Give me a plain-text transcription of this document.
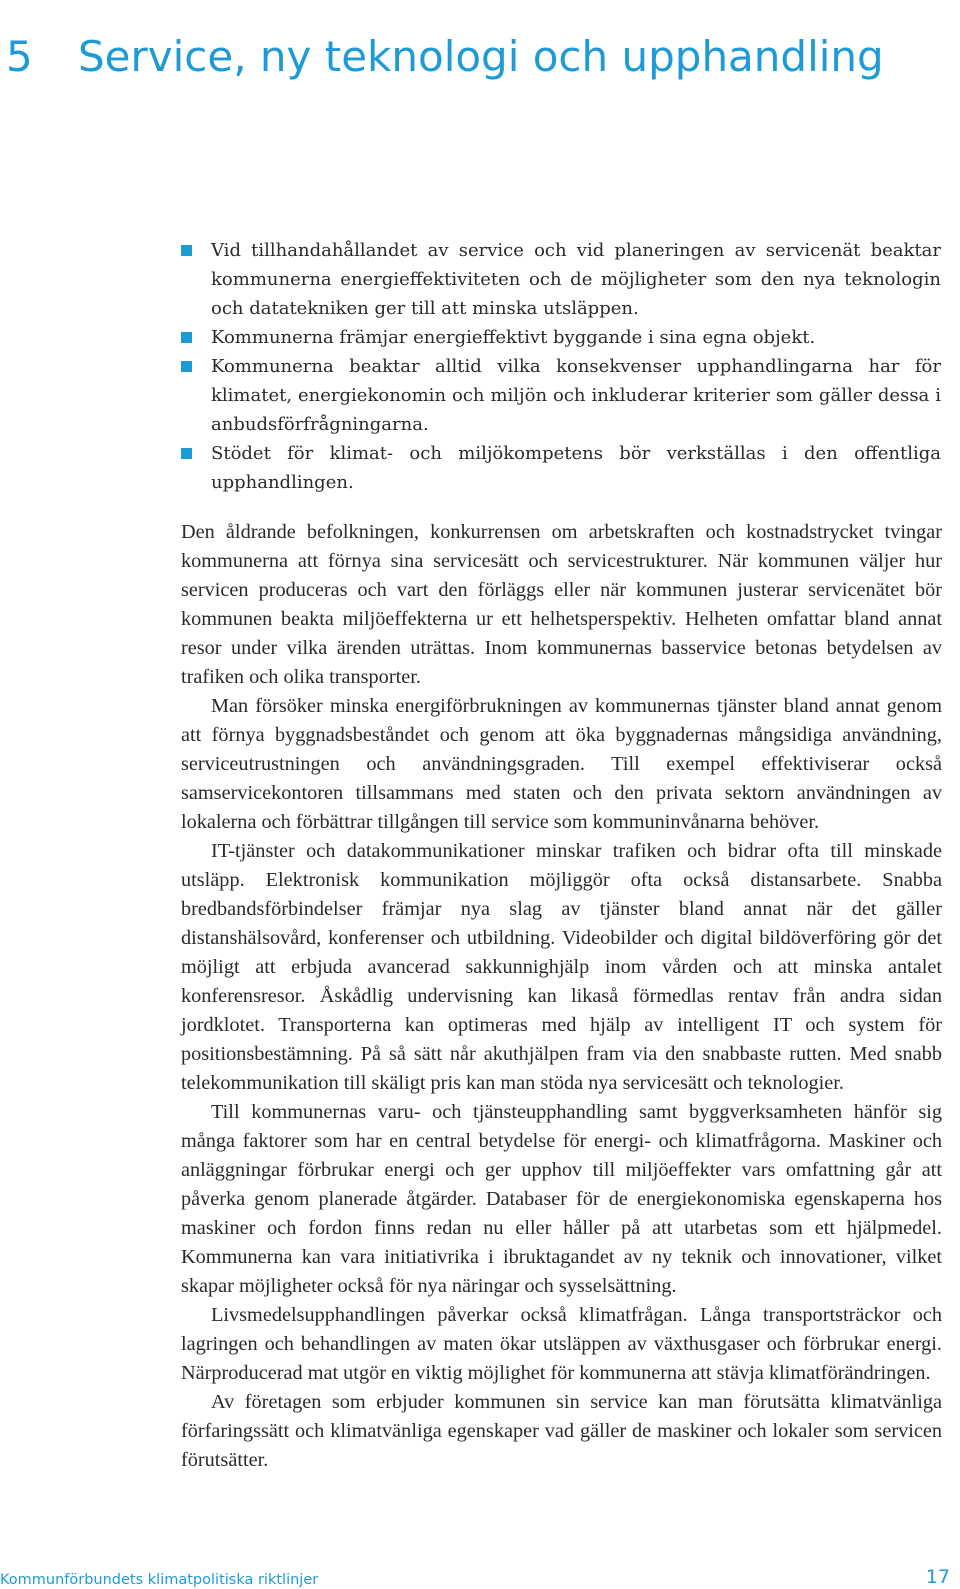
5 Service, ny teknologi och upphandling
Vid tillhandahållandet av service och vid planeringen av servicenät beaktar kommunerna energieffektiviteten och de möjligheter som den nya teknologin och datatekniken ger till att minska utsläppen.
Kommunerna främjar energieffektivt byggande i sina egna objekt.
Kommunerna beaktar alltid vilka konsekvenser upphandlingarna har för klimatet, energiekonomin och miljön och inkluderar kriterier som gäller dessa i anbudsförfrågningarna.
Stödet för klimat- och miljökompetens bör verkställas i den offentliga upphandlingen.

Den åldrande befolkningen, konkurrensen om arbetskraften och kostnadstrycket tvingar kommunerna att förnya sina servicesätt och servicestrukturer. När kommunen väljer hur servicen produceras och vart den förläggs eller när kommunen justerar servicenätet bör kommunen beakta miljöeffekterna ur ett helhetsperspektiv. Helheten omfattar bland annat resor under vilka ärenden uträttas. Inom kommunernas basservice betonas betydelsen av trafiken och olika transporter.

Man försöker minska energiförbrukningen av kommunernas tjänster bland annat genom att förnya byggnadsbeståndet och genom att öka byggnadernas mångsidiga användning, serviceutrustningen och användningsgraden. Till exempel effektiviserar också samservicekontoren tillsammans med staten och den privata sektorn användningen av lokalerna och förbättrar tillgången till service som kommuninvånarna behöver.

IT-tjänster och datakommunikationer minskar trafiken och bidrar ofta till minskade utsläpp. Elektronisk kommunikation möjliggör ofta också distansarbete. Snabba bredbandsförbindelser främjar nya slag av tjänster bland annat när det gäller distanshälsovård, konferenser och utbildning. Videobilder och digital bildöverföring gör det möjligt att erbjuda avancerad sakkunnighjälp inom vården och att minska antalet konferensresor. Åskådlig undervisning kan likaså förmedlas rentav från andra sidan jordklotet. Transporterna kan optimeras med hjälp av intelligent IT och system för positionsbestämning. På så sätt når akuthjälpen fram via den snabbaste rutten. Med snabb telekommunikation till skäligt pris kan man stöda nya servicesätt och teknologier.

Till kommunernas varu- och tjänsteupphandling samt byggverksamheten hänför sig många faktorer som har en central betydelse för energi- och klimatfrågorna. Maskiner och anläggningar förbrukar energi och ger upphov till miljöeffekter vars omfattning går att påverka genom planerade åtgärder. Databaser för de energiekonomiska egenskaperna hos maskiner och fordon finns redan nu eller håller på att utarbetas som ett hjälpmedel. Kommunerna kan vara initiativrika i ibruktagandet av ny teknik och innovationer, vilket skapar möjligheter också för nya näringar och sysselsättning.

Livsmedelsupphandlingen påverkar också klimatfrågan. Långa transportsträckor och lagringen och behandlingen av maten ökar utsläppen av växthusgaser och förbrukar energi. Närproducerad mat utgör en viktig möjlighet för kommunerna att stävja klimatförändringen.

Av företagen som erbjuder kommunen sin service kan man förutsätta klimatvänliga förfaringssätt och klimatvänliga egenskaper vad gäller de maskiner och lokaler som servicen förutsätter.

Kommunförbundets klimatpolitiska riktlinjer	17
